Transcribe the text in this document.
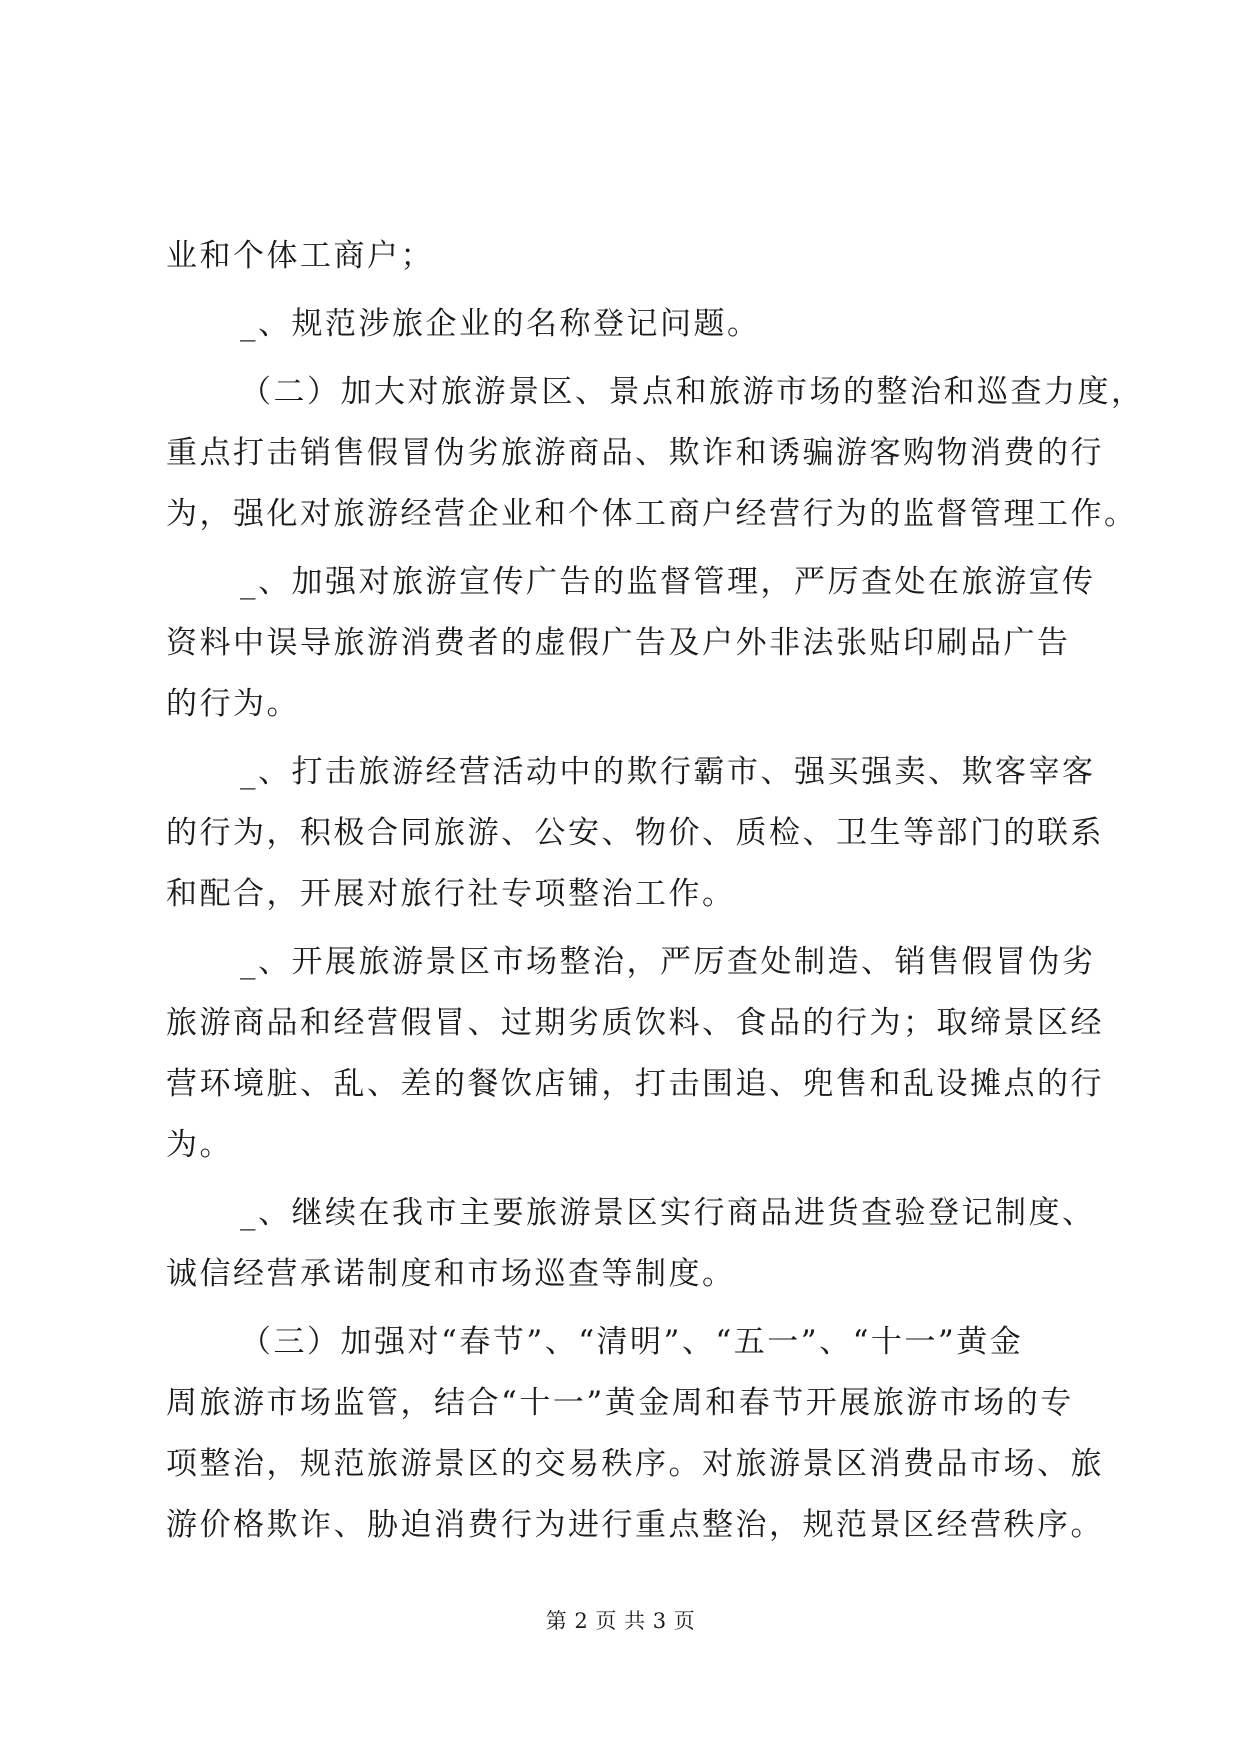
业和个体工商户；

_、规范涉旅企业的名称登记问题。

（二）加大对旅游景区、景点和旅游市场的整治和巡查力度，
重点打击销售假冒伪劣旅游商品、欺诈和诱骗游客购物消费的行
为，强化对旅游经营企业和个体工商户经营行为的监督管理工作。

_、加强对旅游宣传广告的监督管理，严厉查处在旅游宣传
资料中误导旅游消费者的虚假广告及户外非法张贴印刷品广告
的行为。

_、打击旅游经营活动中的欺行霸市、强买强卖、欺客宰客
的行为，积极合同旅游、公安、物价、质检、卫生等部门的联系
和配合，开展对旅行社专项整治工作。

_、开展旅游景区市场整治，严厉查处制造、销售假冒伪劣
旅游商品和经营假冒、过期劣质饮料、食品的行为；取缔景区经
营环境脏、乱、差的餐饮店铺，打击围追、兜售和乱设摊点的行
为。

_、继续在我市主要旅游景区实行商品进货查验登记制度、
诚信经营承诺制度和市场巡查等制度。

（三）加强对“春节”、“清明”、“五一”、“十一”黄金
周旅游市场监管，结合“十一”黄金周和春节开展旅游市场的专
项整治，规范旅游景区的交易秩序。对旅游景区消费品市场、旅
游价格欺诈、胁迫消费行为进行重点整治，规范景区经营秩序。

第 2 页 共 3 页
